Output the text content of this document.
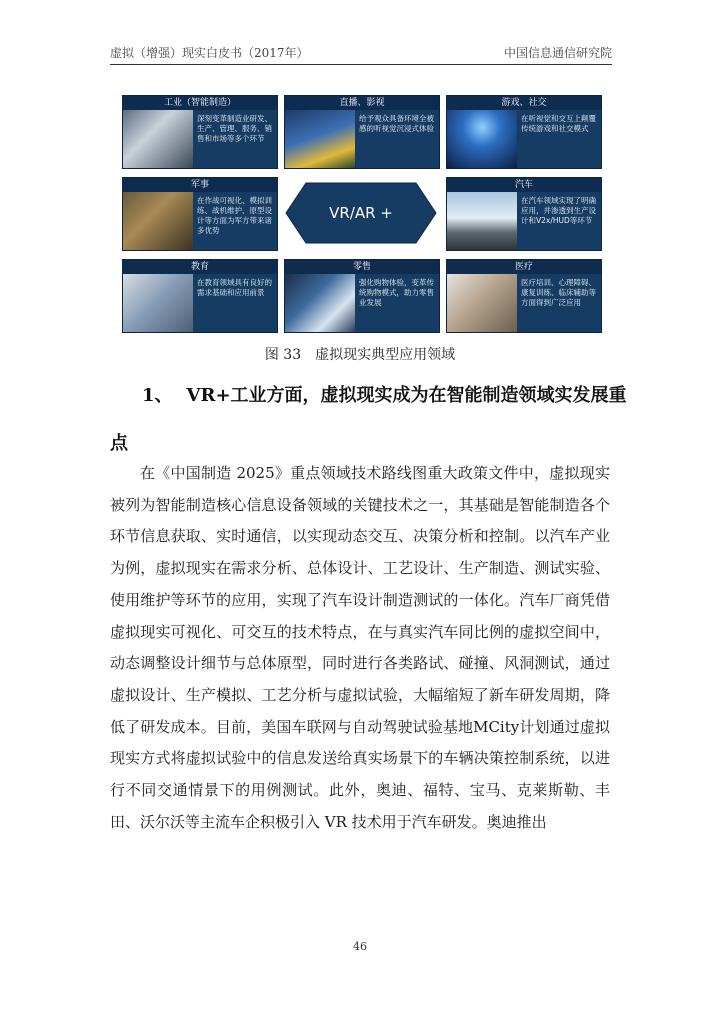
虚拟（增强）现实白皮书（2017年）	中国信息通信研究院
工业（智能制造）
深刻变革制造业研发、生产、管理、服务、销售和市场等多个环节
直播、影视
给予观众具备环境全被感的听视觉沉浸式体验
游戏、社交
在听视觉和交互上颠覆传统游戏和社交模式
军事
在作战可视化、模拟训练、战机维护、原型设计等方面为军方带来诸多优势
VR/AR +
汽车
在汽车领域实现了明确应用，并渗透到生产设计和V2x/HUD等环节
教育
在教育领域具有良好的需求基础和应用前景
零售
强化购物体验，变革传统购物模式，助力零售业发展
医疗
医疗培训、心理障碍、康复训练、临床辅助等方面得到广泛应用
图 33　虚拟现实典型应用领域
1、 VR+工业方面，虚拟现实成为在智能制造领域实发展重点

在《中国制造 2025》重点领域技术路线图重大政策文件中，虚拟现实被列为智能制造核心信息设备领域的关键技术之一，其基础是智能制造各个环节信息获取、实时通信，以实现动态交互、决策分析和控制。以汽车产业为例，虚拟现实在需求分析、总体设计、工艺设计、生产制造、测试实验、使用维护等环节的应用，实现了汽车设计制造测试的一体化。汽车厂商凭借虚拟现实可视化、可交互的技术特点，在与真实汽车同比例的虚拟空间中，动态调整设计细节与总体原型，同时进行各类路试、碰撞、风洞测试，通过虚拟设计、生产模拟、工艺分析与虚拟试验，大幅缩短了新车研发周期，降低了研发成本。目前，美国车联网与自动驾驶试验基地MCity计划通过虚拟现实方式将虚拟试验中的信息发送给真实场景下的车辆决策控制系统，以进行不同交通情景下的用例测试。此外，奥迪、福特、宝马、克莱斯勒、丰田、沃尔沃等主流车企积极引入 VR 技术用于汽车研发。奥迪推出

46
